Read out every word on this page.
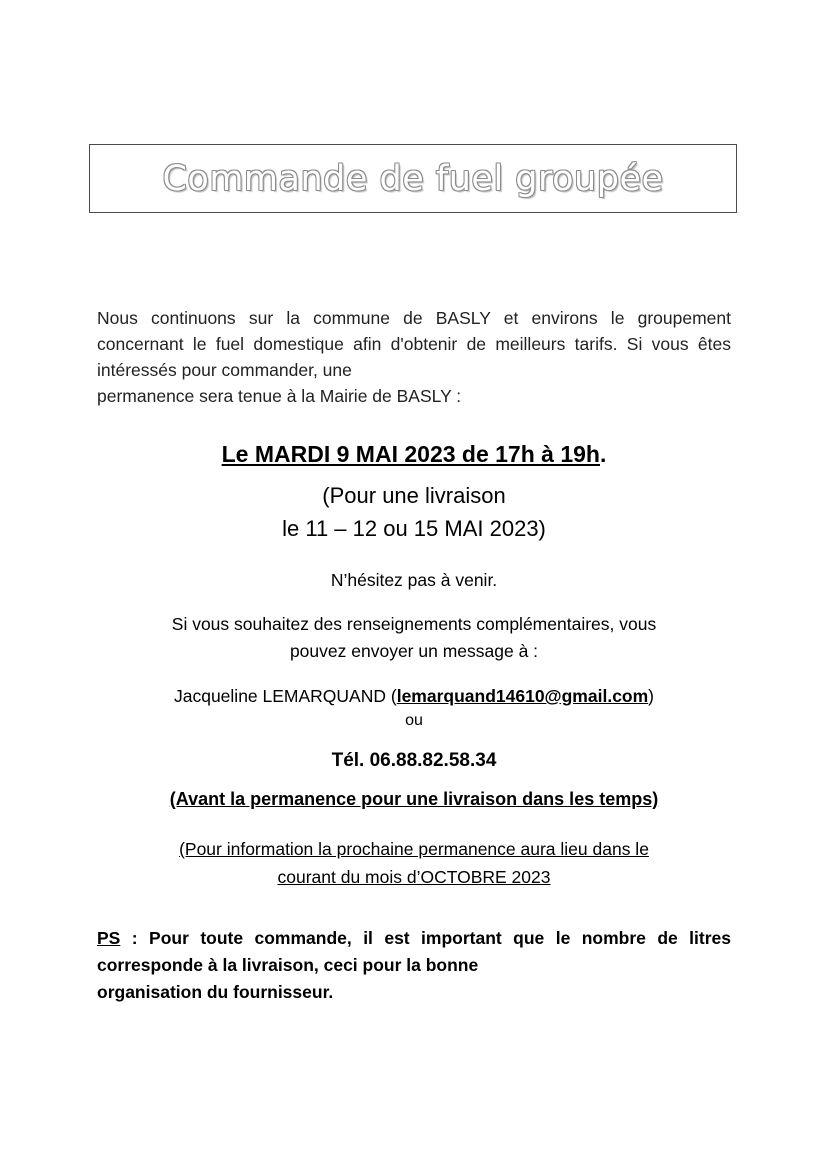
Commande de fuel groupée

Nous continuons sur la commune de BASLY et environs le groupement concernant le fuel domestique afin d'obtenir de meilleurs tarifs. Si vous êtes intéressés pour commander, une
permanence sera tenue à la Mairie de BASLY :

Le MARDI 9 MAI 2023 de 17h à 19h.

(Pour une livraison

le 11 – 12 ou 15 MAI 2023)

N’hésitez pas à venir.

Si vous souhaitez des renseignements complémentaires, vous

pouvez envoyer un message à :

Jacqueline LEMARQUAND (lemarquand14610@gmail.com)

ou

Tél. 06.88.82.58.34

(Avant la permanence pour une livraison dans les temps)

(Pour information la prochaine permanence aura lieu dans le

courant du mois d’OCTOBRE 2023

PS : Pour toute commande, il est important que le nombre de litres corresponde à la livraison, ceci pour la bonne
organisation du fournisseur.
